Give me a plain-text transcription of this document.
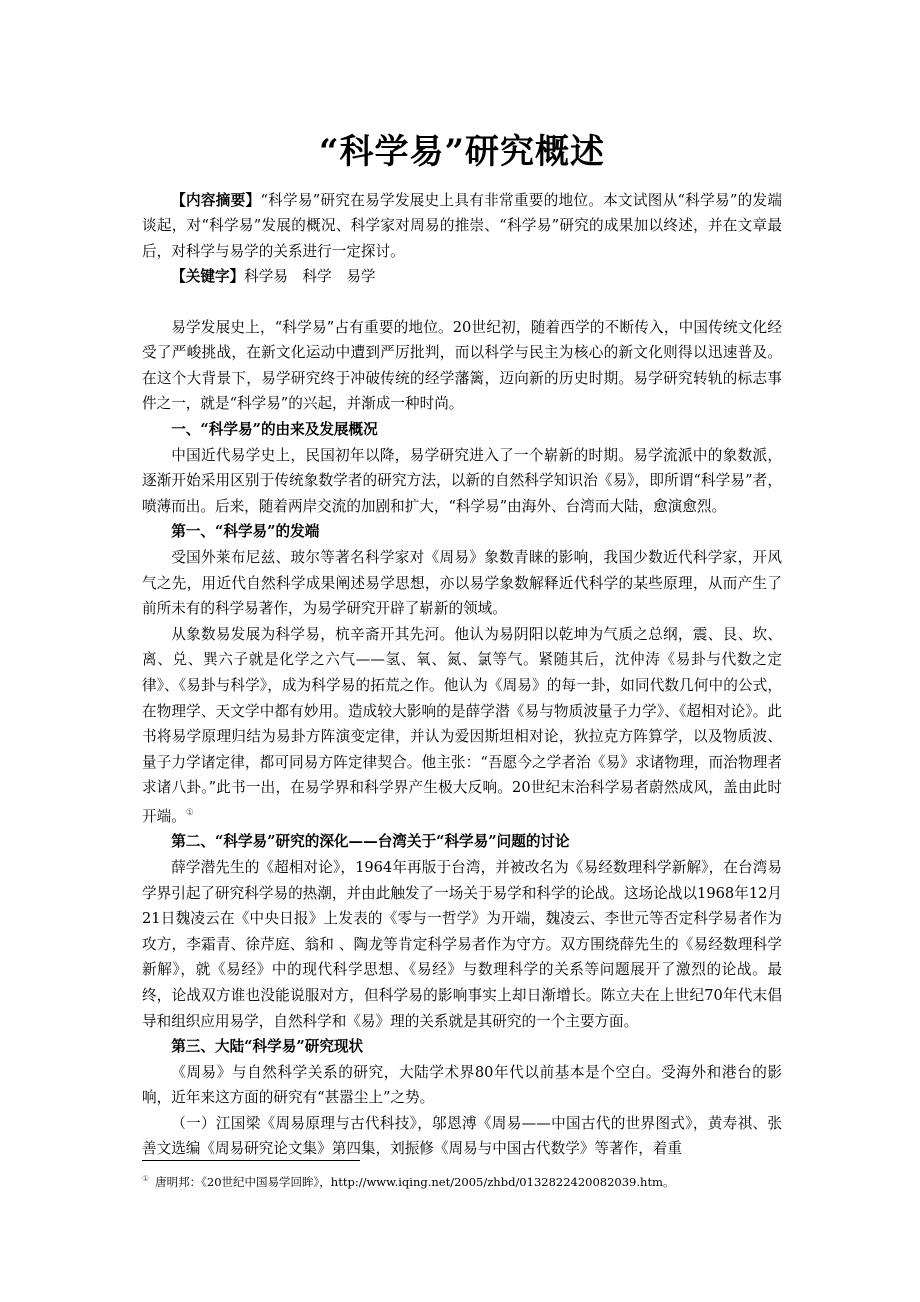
“科学易”研究概述

【内容摘要】“科学易”研究在易学发展史上具有非常重要的地位。本文试图从“科学易”的发端谈起，对“科学易”发展的概况、科学家对周易的推崇、“科学易”研究的成果加以终述，并在文章最后，对科学与易学的关系进行一定探讨。

【关键字】科学易　科学　易学

易学发展史上，“科学易”占有重要的地位。20世纪初，随着西学的不断传入，中国传统文化经受了严峻挑战，在新文化运动中遭到严厉批判，而以科学与民主为核心的新文化则得以迅速普及。在这个大背景下，易学研究终于冲破传统的经学藩篱，迈向新的历史时期。易学研究转轨的标志事件之一，就是“科学易”的兴起，并渐成一种时尚。

一、“科学易”的由来及发展概况

中国近代易学史上，民国初年以降，易学研究进入了一个崭新的时期。易学流派中的象数派，逐渐开始采用区别于传统象数学者的研究方法，以新的自然科学知识治《易》，即所谓“科学易”者，喷薄而出。后来，随着两岸交流的加剧和扩大，“科学易”由海外、台湾而大陆，愈演愈烈。

第一、“科学易”的发端

受国外莱布尼兹、玻尔等著名科学家对《周易》象数青睐的影响，我国少数近代科学家，开风气之先，用近代自然科学成果阐述易学思想，亦以易学象数解释近代科学的某些原理，从而产生了前所未有的科学易著作，为易学研究开辟了崭新的领域。

从象数易发展为科学易，杭辛斋开其先河。他认为易阴阳以乾坤为气质之总纲，震、艮、坎、离、兑、巽六子就是化学之六气——氢、氧、氮、氯等气。紧随其后，沈仲涛《易卦与代数之定律》、《易卦与科学》，成为科学易的拓荒之作。他认为《周易》的每一卦，如同代数几何中的公式，在物理学、天文学中都有妙用。造成较大影响的是薛学潜《易与物质波量子力学》、《超相对论》。此书将易学原理归结为易卦方阵演变定律，并认为爱因斯坦相对论，狄拉克方阵算学，以及物质波、量子力学诸定律，都可同易方阵定律契合。他主张：“吾愿今之学者治《易》求诸物理，而治物理者求诸八卦。”此书一出，在易学界和科学界产生极大反响。20世纪末治科学易者蔚然成风，盖由此时开端。①

第二、“科学易”研究的深化——台湾关于“科学易”问题的讨论

薛学潜先生的《超相对论》，1964年再版于台湾，并被改名为《易经数理科学新解》，在台湾易学界引起了研究科学易的热潮，并由此触发了一场关于易学和科学的论战。这场论战以1968年12月21日魏凌云在《中央日报》上发表的《零与一哲学》为开端，魏凌云、李世元等否定科学易者作为攻方，李霜青、徐芹庭、翁和 、陶龙等肯定科学易者作为守方。双方围绕薛先生的《易经数理科学新解》，就《易经》中的现代科学思想、《易经》与数理科学的关系等问题展开了激烈的论战。最终，论战双方谁也没能说服对方，但科学易的影响事实上却日渐增长。陈立夫在上世纪70年代末倡导和组织应用易学，自然科学和《易》理的关系就是其研究的一个主要方面。

第三、大陆“科学易”研究现状

《周易》与自然科学关系的研究，大陆学术界80年代以前基本是个空白。受海外和港台的影响，近年来这方面的研究有“甚嚣尘上”之势。

（一）江国梁《周易原理与古代科技》，邬恩溥《周易——中国古代的世界图式》，黄寿祺、张善文选编《周易研究论文集》第四集，刘振修《周易与中国古代数学》等著作，着重

① 唐明邦：《20世纪中国易学回眸》，http://www.iqing.net/2005/zhbd/0132822420082039.htm。
